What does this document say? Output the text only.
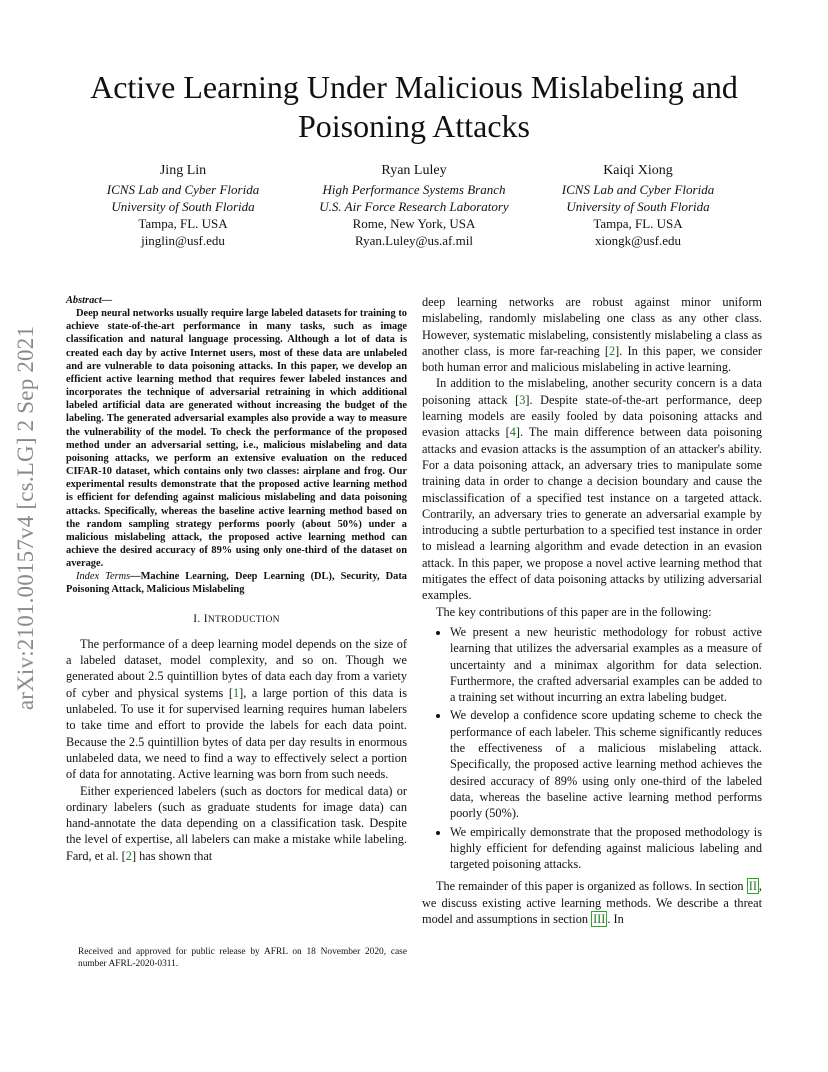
arXiv:2101.00157v4 [cs.LG] 2 Sep 2021
Active Learning Under Malicious Mislabeling and
Poisoning Attacks
Jing Lin
ICNS Lab and Cyber Florida
University of South Florida
Tampa, FL. USA
jinglin@usf.edu
Ryan Luley
High Performance Systems Branch
U.S. Air Force Research Laboratory
Rome, New York, USA
Ryan.Luley@us.af.mil
Kaiqi Xiong
ICNS Lab and Cyber Florida
University of South Florida
Tampa, FL. USA
xiongk@usf.edu
Abstract—
Deep neural networks usually require large labeled datasets for training to achieve state-of-the-art performance in many tasks, such as image classification and natural language processing. Although a lot of data is created each day by active Internet users, most of these data are unlabeled and are vulnerable to data poisoning attacks. In this paper, we develop an efficient active learning method that requires fewer labeled instances and incorporates the technique of adversarial retraining in which additional labeled artificial data are generated without increasing the budget of the labeling. The generated adversarial examples also provide a way to measure the vulnerability of the model. To check the performance of the proposed method under an adversarial setting, i.e., malicious mislabeling and data poisoning attacks, we perform an extensive evaluation on the reduced CIFAR-10 dataset, which contains only two classes: airplane and frog. Our experimental results demonstrate that the proposed active learning method is efficient for defending against malicious mislabeling and data poisoning attacks. Specifically, whereas the baseline active learning method based on the random sampling strategy performs poorly (about 50%) under a malicious mislabeling attack, the proposed active learning method can achieve the desired accuracy of 89% using only one-third of the dataset on average.
Index Terms—Machine Learning, Deep Learning (DL), Security, Data Poisoning Attack, Malicious Mislabeling
I. INTRODUCTION

The performance of a deep learning model depends on the size of a labeled dataset, model complexity, and so on. Though we generated about 2.5 quintillion bytes of data each day from a variety of cyber and physical systems [1], a large portion of this data is unlabeled. To use it for supervised learning requires human labelers to take time and effort to provide the labels for each data point. Because the 2.5 quintillion bytes of data per day results in enormous unlabeled data, we need to find a way to effectively select a portion of data for annotating. Active learning was born from such needs.

Either experienced labelers (such as doctors for medical data) or ordinary labelers (such as graduate students for image data) can hand-annotate the data depending on a classification task. Despite the level of expertise, all labelers can make a mistake while labeling. Fard, et al. [2] has shown that

Received and approved for public release by AFRL on 18 November 2020, case number AFRL-2020-0311.

deep learning networks are robust against minor uniform mislabeling, randomly mislabeling one class as any other class. However, systematic mislabeling, consistently mislabeling a class as another class, is more far-reaching [2]. In this paper, we consider both human error and malicious mislabeling in active learning.

In addition to the mislabeling, another security concern is a data poisoning attack [3]. Despite state-of-the-art performance, deep learning models are easily fooled by data poisoning attacks and evasion attacks [4]. The main difference between data poisoning attacks and evasion attacks is the assumption of an attacker's ability. For a data poisoning attack, an adversary tries to manipulate some training data in order to change a decision boundary and cause the misclassification of a specified test instance on a targeted attack. Contrarily, an adversary tries to generate an adversarial example by introducing a subtle perturbation to a specified test instance in order to mislead a learning algorithm and evade detection in an evasion attack. In this paper, we propose a novel active learning method that mitigates the effect of data poisoning attacks by utilizing adversarial examples.

The key contributions of this paper are in the following:

• We present a new heuristic methodology for robust active learning that utilizes the adversarial examples as a measure of uncertainty and a minimax algorithm for data selection. Furthermore, the crafted adversarial examples can be added to a training set without incurring an extra labeling budget.
• We develop a confidence score updating scheme to check the performance of each labeler. This scheme significantly reduces the effectiveness of a malicious mislabeling attack. Specifically, the proposed active learning method achieves the desired accuracy of 89% using only one-third of the labeled data, whereas the baseline active learning method performs poorly (50%).
• We empirically demonstrate that the proposed methodology is highly efficient for defending against malicious labeling and targeted poisoning attacks.

The remainder of this paper is organized as follows. In section II , we discuss existing active learning methods. We describe a threat model and assumptions in section III . In
